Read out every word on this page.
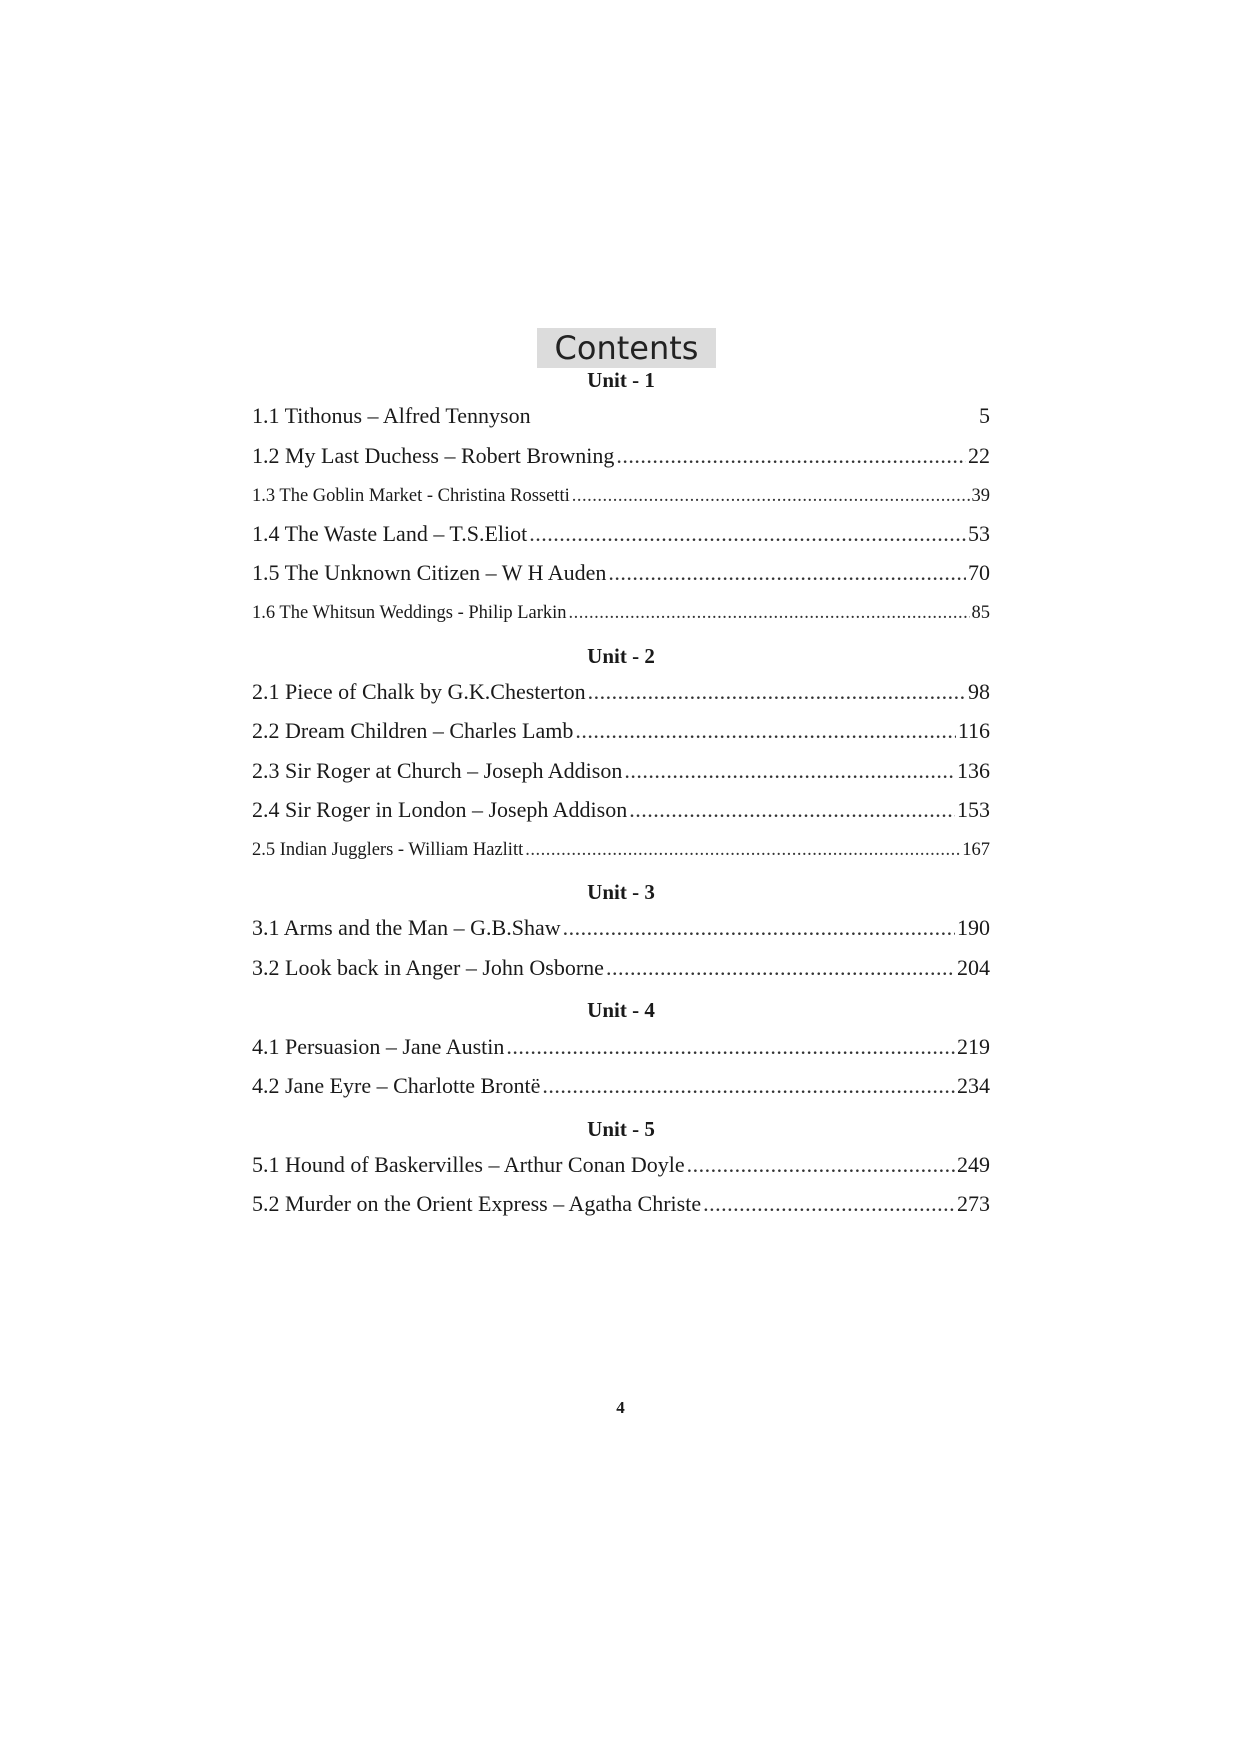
Contents
Unit - 1
1.1 Tithonus – Alfred Tennyson	5
1.2 My Last Duchess – Robert Browning .....	22
1.3 The Goblin Market - Christina Rossetti .....	39
1.4 The Waste Land – T.S.Eliot .....	53
1.5 The Unknown Citizen – W H Auden .....	70
1.6 The Whitsun Weddings - Philip Larkin .....	85
Unit - 2
2.1 Piece of Chalk by G.K.Chesterton .....	98
2.2 Dream Children – Charles Lamb .....	116
2.3 Sir Roger at Church – Joseph Addison .....	136
2.4 Sir Roger in London – Joseph Addison .....	153
2.5 Indian Jugglers - William Hazlitt .....	167
Unit - 3
3.1 Arms and the Man – G.B.Shaw .....	190
3.2 Look back in Anger – John Osborne .....	204
Unit - 4
4.1 Persuasion – Jane Austin .....	219
4.2 Jane Eyre – Charlotte Brontë .....	234
Unit - 5
5.1 Hound of Baskervilles – Arthur Conan Doyle .....	249
5.2 Murder on the Orient Express – Agatha Christe .....	273
4
